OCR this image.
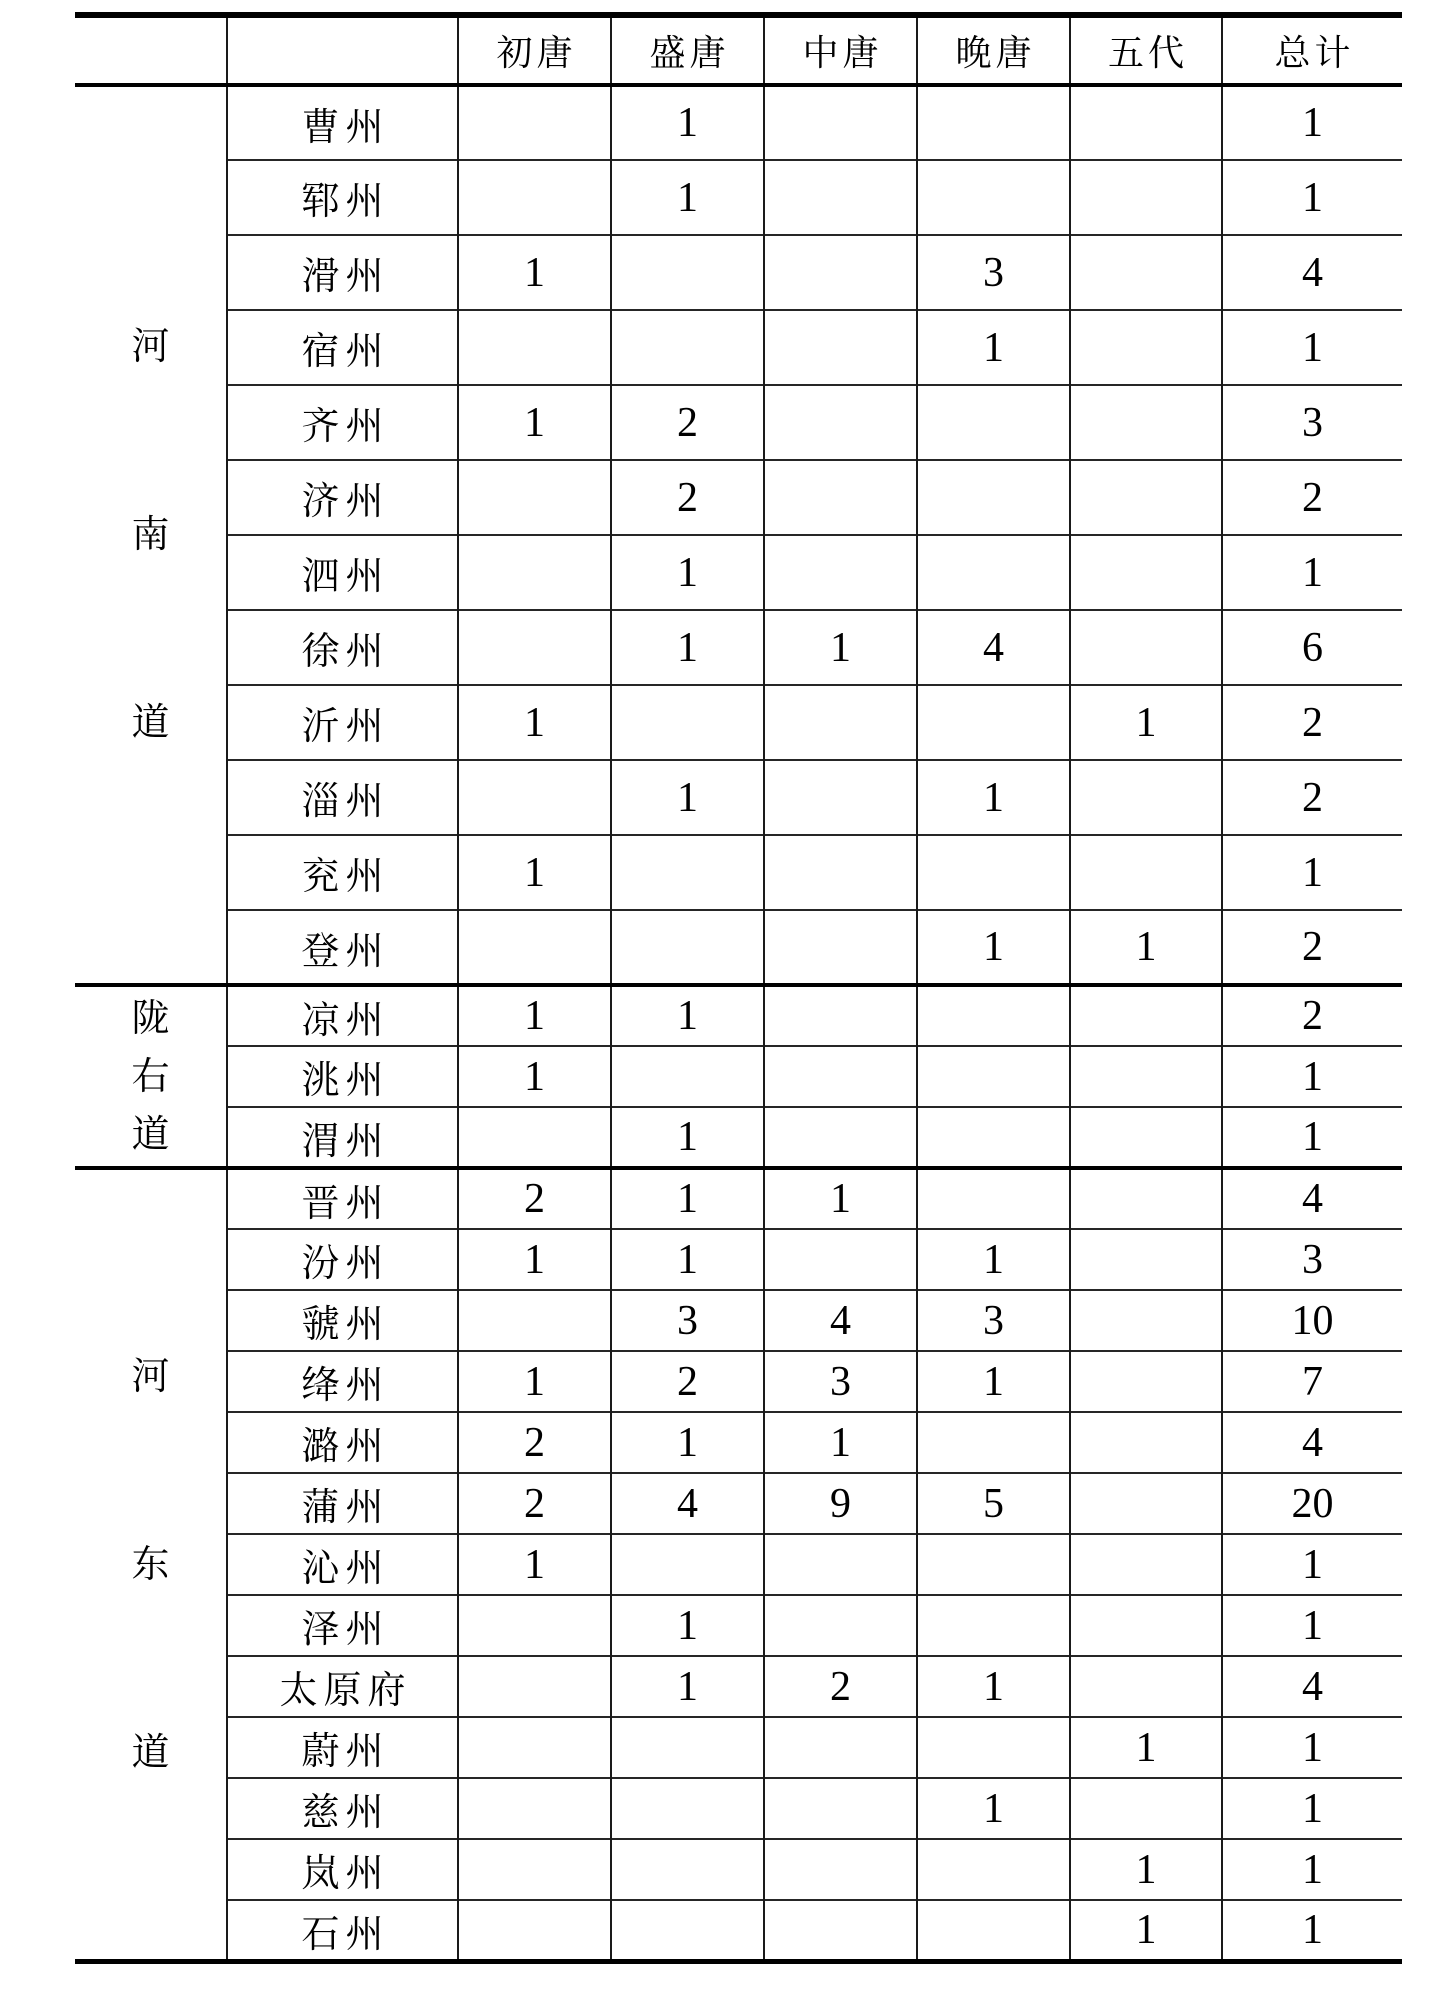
		初唐	盛唐	中唐	晚唐	五代	总计

河
南
道	曹州		1				1
	郓州		1				1
	滑州	1			3		4
	宿州				1		1
	齐州	1	2				3
	济州		2				2
	泗州		1				1
	徐州		1	1	4		6
	沂州	1				1	2
	淄州		1		1		2
	兖州	1					1
	登州				1	1	2

陇
右
道	凉州	1	1				2
	洮州	1					1
	渭州		1				1

河
东
道	晋州	2	1	1			4
	汾州	1	1		1		3
	虢州		3	4	3		10
	绛州	1	2	3	1		7
	潞州	2	1	1			4
	蒲州	2	4	9	5		20
	沁州	1					1
	泽州		1				1
	太原府		1	2	1		4
	蔚州					1	1
	慈州				1		1
	岚州					1	1
	石州					1	1
